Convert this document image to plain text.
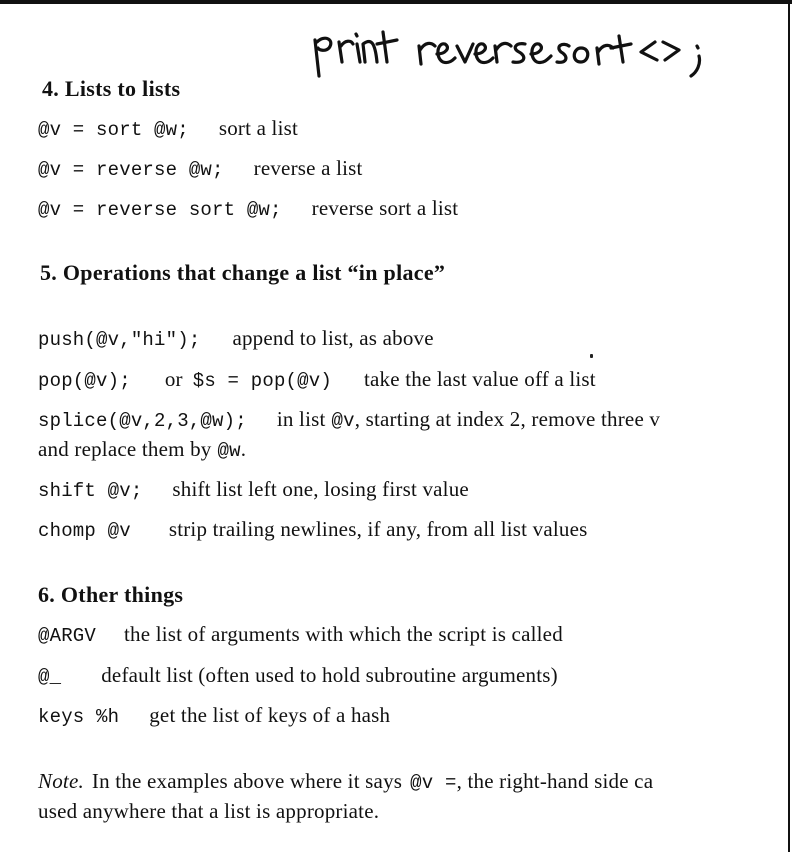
4. Lists to lists
@v = sort @w; sort a list
@v = reverse @w; reverse a list
@v = reverse sort @w; reverse sort a list
5. Operations that change a list “in place”
push(@v,"hi"); append to list, as above
pop(@v); or $s = pop(@v) take the last value off a list
splice(@v,2,3,@w); in list @v, starting at index 2, remove three v
and replace them by @w.
shift @v; shift list left one, losing first value
chomp @v strip trailing newlines, if any, from all list values
6. Other things
@ARGV the list of arguments with which the script is called
@_ default list (often used to hold subroutine arguments)
keys %h get the list of keys of a hash
Note. In the examples above where it says @v =, the right-hand side ca
used anywhere that a list is appropriate.
